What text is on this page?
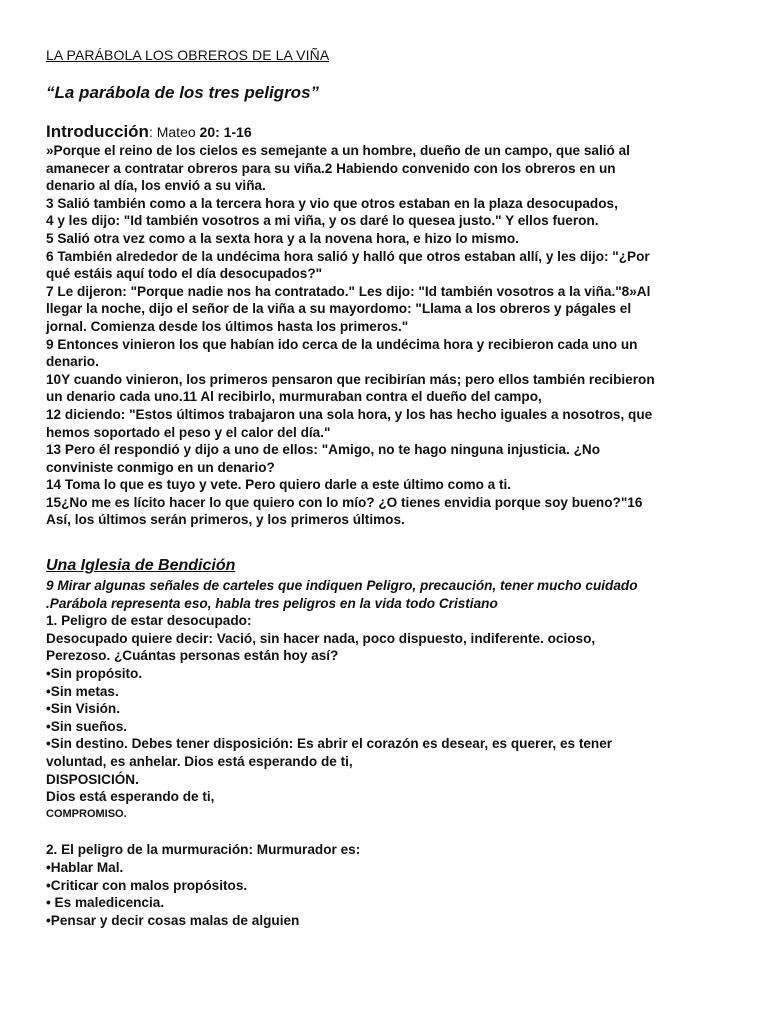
LA PARÁBOLA LOS OBREROS DE LA VIÑA
“La parábola de los tres peligros”
Introducción: Mateo 20: 1-16

»Porque el reino de los cielos es semejante a un hombre, dueño de un campo, que salió al

amanecer a contratar obreros para su viña.2 Habiendo convenido con los obreros en un

denario al día, los envió a su viña.

3 Salió también como a la tercera hora y vio que otros estaban en la plaza desocupados,

4 y les dijo: "Id también vosotros a mi viña, y os daré lo quesea justo." Y ellos fueron.

5 Salió otra vez como a la sexta hora y a la novena hora, e hizo lo mismo.

6 También alrededor de la undécima hora salió y halló que otros estaban allí, y les dijo: "¿Por

qué estáis aquí todo el día desocupados?"

7 Le dijeron: "Porque nadie nos ha contratado." Les dijo: "Id también vosotros a la viña."8»Al

llegar la noche, dijo el señor de la viña a su mayordomo: "Llama a los obreros y págales el

jornal. Comienza desde los últimos hasta los primeros."

9 Entonces vinieron los que habían ido cerca de la undécima hora y recibieron cada uno un

denario.

10Y cuando vinieron, los primeros pensaron que recibirían más; pero ellos también recibieron

un denario cada uno.11 Al recibirlo, murmuraban contra el dueño del campo,

12 diciendo: "Estos últimos trabajaron una sola hora, y los has hecho iguales a nosotros, que

hemos soportado el peso y el calor del día."

13 Pero él respondió y dijo a uno de ellos: "Amigo, no te hago ninguna injusticia. ¿No

conviniste conmigo en un denario?

14 Toma lo que es tuyo y vete. Pero quiero darle a este último como a ti.

15¿No me es lícito hacer lo que quiero con lo mío? ¿O tienes envidia porque soy bueno?"16

Así, los últimos serán primeros, y los primeros últimos.

Una Iglesia de Bendición

9 Mirar algunas señales de carteles que indiquen Peligro, precaución, tener mucho cuidado

.Parábola representa eso, habla tres peligros en la vida todo Cristiano

1. Peligro de estar desocupado:

Desocupado quiere decir: Vació, sin hacer nada, poco dispuesto, indiferente. ocioso,

Perezoso. ¿Cuántas personas están hoy así?

•Sin propósito.

•Sin metas.

•Sin Visión.

•Sin sueños.

•Sin destino. Debes tener disposición: Es abrir el corazón es desear, es querer, es tener

voluntad, es anhelar. Dios está esperando de ti,

DISPOSICIÓN.

Dios está esperando de ti,

COMPROMISO.

2. El peligro de la murmuración: Murmurador es:

•Hablar Mal.

•Criticar con malos propósitos.

• Es maledicencia.

•Pensar y decir cosas malas de alguien
